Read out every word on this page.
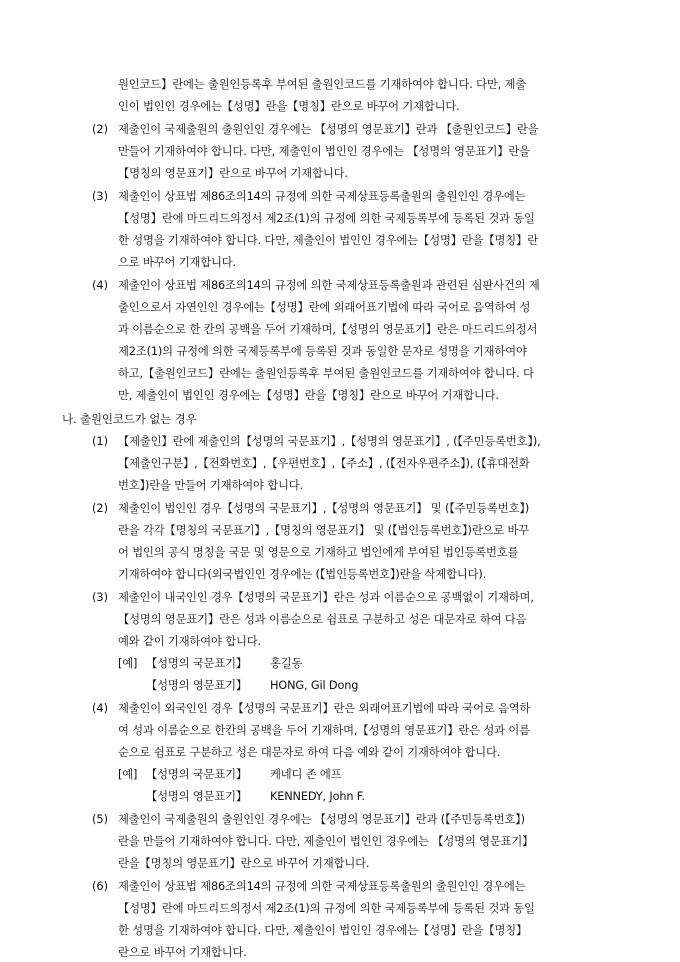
원인코드】란에는 출원인등록후 부여된 출원인코드를 기재하여야 합니다. 다만, 제출
인이 법인인 경우에는【성명】란을【명칭】란으로 바꾸어 기재합니다.
(2) 제출인이 국제출원의 출원인인 경우에는 【성명의 영문표기】란과 【출원인코드】란을
만들어 기재하여야 합니다. 다만, 제출인이 법인인 경우에는 【성명의 영문표기】란을
【명칭의 영문표기】란으로 바꾸어 기재합니다.
(3) 제출인이 상표법 제86조의14의 규정에 의한 국제상표등록출원의 출원인인 경우에는
【성명】란에 마드리드의정서 제2조(1)의 규정에 의한 국제등록부에 등록된 것과 동일
한 성명을 기재하여야 합니다. 다만, 제출인이 법인인 경우에는【성명】란을【명칭】란
으로 바꾸어 기재합니다.
(4) 제출인이 상표법 제86조의14의 규정에 의한 국제상표등록출원과 관련된 심판사건의 제
출인으로서 자연인인 경우에는【성명】란에 외래어표기법에 따라 국어로 음역하여 성
과 이름순으로 한 칸의 공백을 두어 기재하며,【성명의 영문표기】란은 마드리드의정서
제2조(1)의 규정에 의한 국제등록부에 등록된 것과 동일한 문자로 성명을 기재하여야
하고,【출원인코드】란에는 출원인등록후 부여된 출원인코드를 기재하여야 합니다. 다
만, 제출인이 법인인 경우에는【성명】란을【명칭】란으로 바꾸어 기재합니다.
나. 출원인코드가 없는 경우
(1) 【제출인】란에 제출인의【성명의 국문표기】,【성명의 영문표기】, (【주민등록번호】),
【제출인구분】,【전화번호】,【우편번호】,【주소】, (【전자우편주소】), (【휴대전화
번호】)란을 만들어 기재하여야 합니다.
(2) 제출인이 법인인 경우【성명의 국문표기】,【성명의 영문표기】 및 (【주민등록번호】)
란을 각각【명칭의 국문표기】,【명칭의 영문표기】 및 (【법인등록번호】)란으로 바꾸
어 법인의 공식 명칭을 국문 및 영문으로 기재하고 법인에게 부여된 법인등록번호를
기재하여야 합니다(외국법인인 경우에는 (【법인등록번호】)란을 삭제합니다).
(3) 제출인이 내국인인 경우【성명의 국문표기】란은 성과 이름순으로 공백없이 기재하며,
【성명의 영문표기】란은 성과 이름순으로 쉼표로 구분하고 성은 대문자로 하여 다음
예와 같이 기재하여야 합니다.
[예] 【성명의 국문표기】 홍길동
【성명의 영문표기】 HONG, Gil Dong
(4) 제출인이 외국인인 경우【성명의 국문표기】란은 외래어표기법에 따라 국어로 음역하
여 성과 이름순으로 한칸의 공백을 두어 기재하며,【성명의 영문표기】란은 성과 이름
순으로 쉼표로 구분하고 성은 대문자로 하여 다음 예와 같이 기재하여야 합니다.
[예] 【성명의 국문표기】 케네디 존 에프
【성명의 영문표기】 KENNEDY, John F.
(5) 제출인이 국제출원의 출원인인 경우에는 【성명의 영문표기】란과 (【주민등록번호】)
란을 만들어 기재하여야 합니다. 다만, 제출인이 법인인 경우에는 【성명의 영문표기】
란을【명칭의 영문표기】란으로 바꾸어 기재합니다.
(6) 제출인이 상표법 제86조의14의 규정에 의한 국제상표등록출원의 출원인인 경우에는
【성명】란에 마드리드의정서 제2조(1)의 규정에 의한 국제등록부에 등록된 것과 동일
한 성명을 기재하여야 합니다. 다만, 제출인이 법인인 경우에는【성명】란을【명칭】
란으로 바꾸어 기재합니다.
